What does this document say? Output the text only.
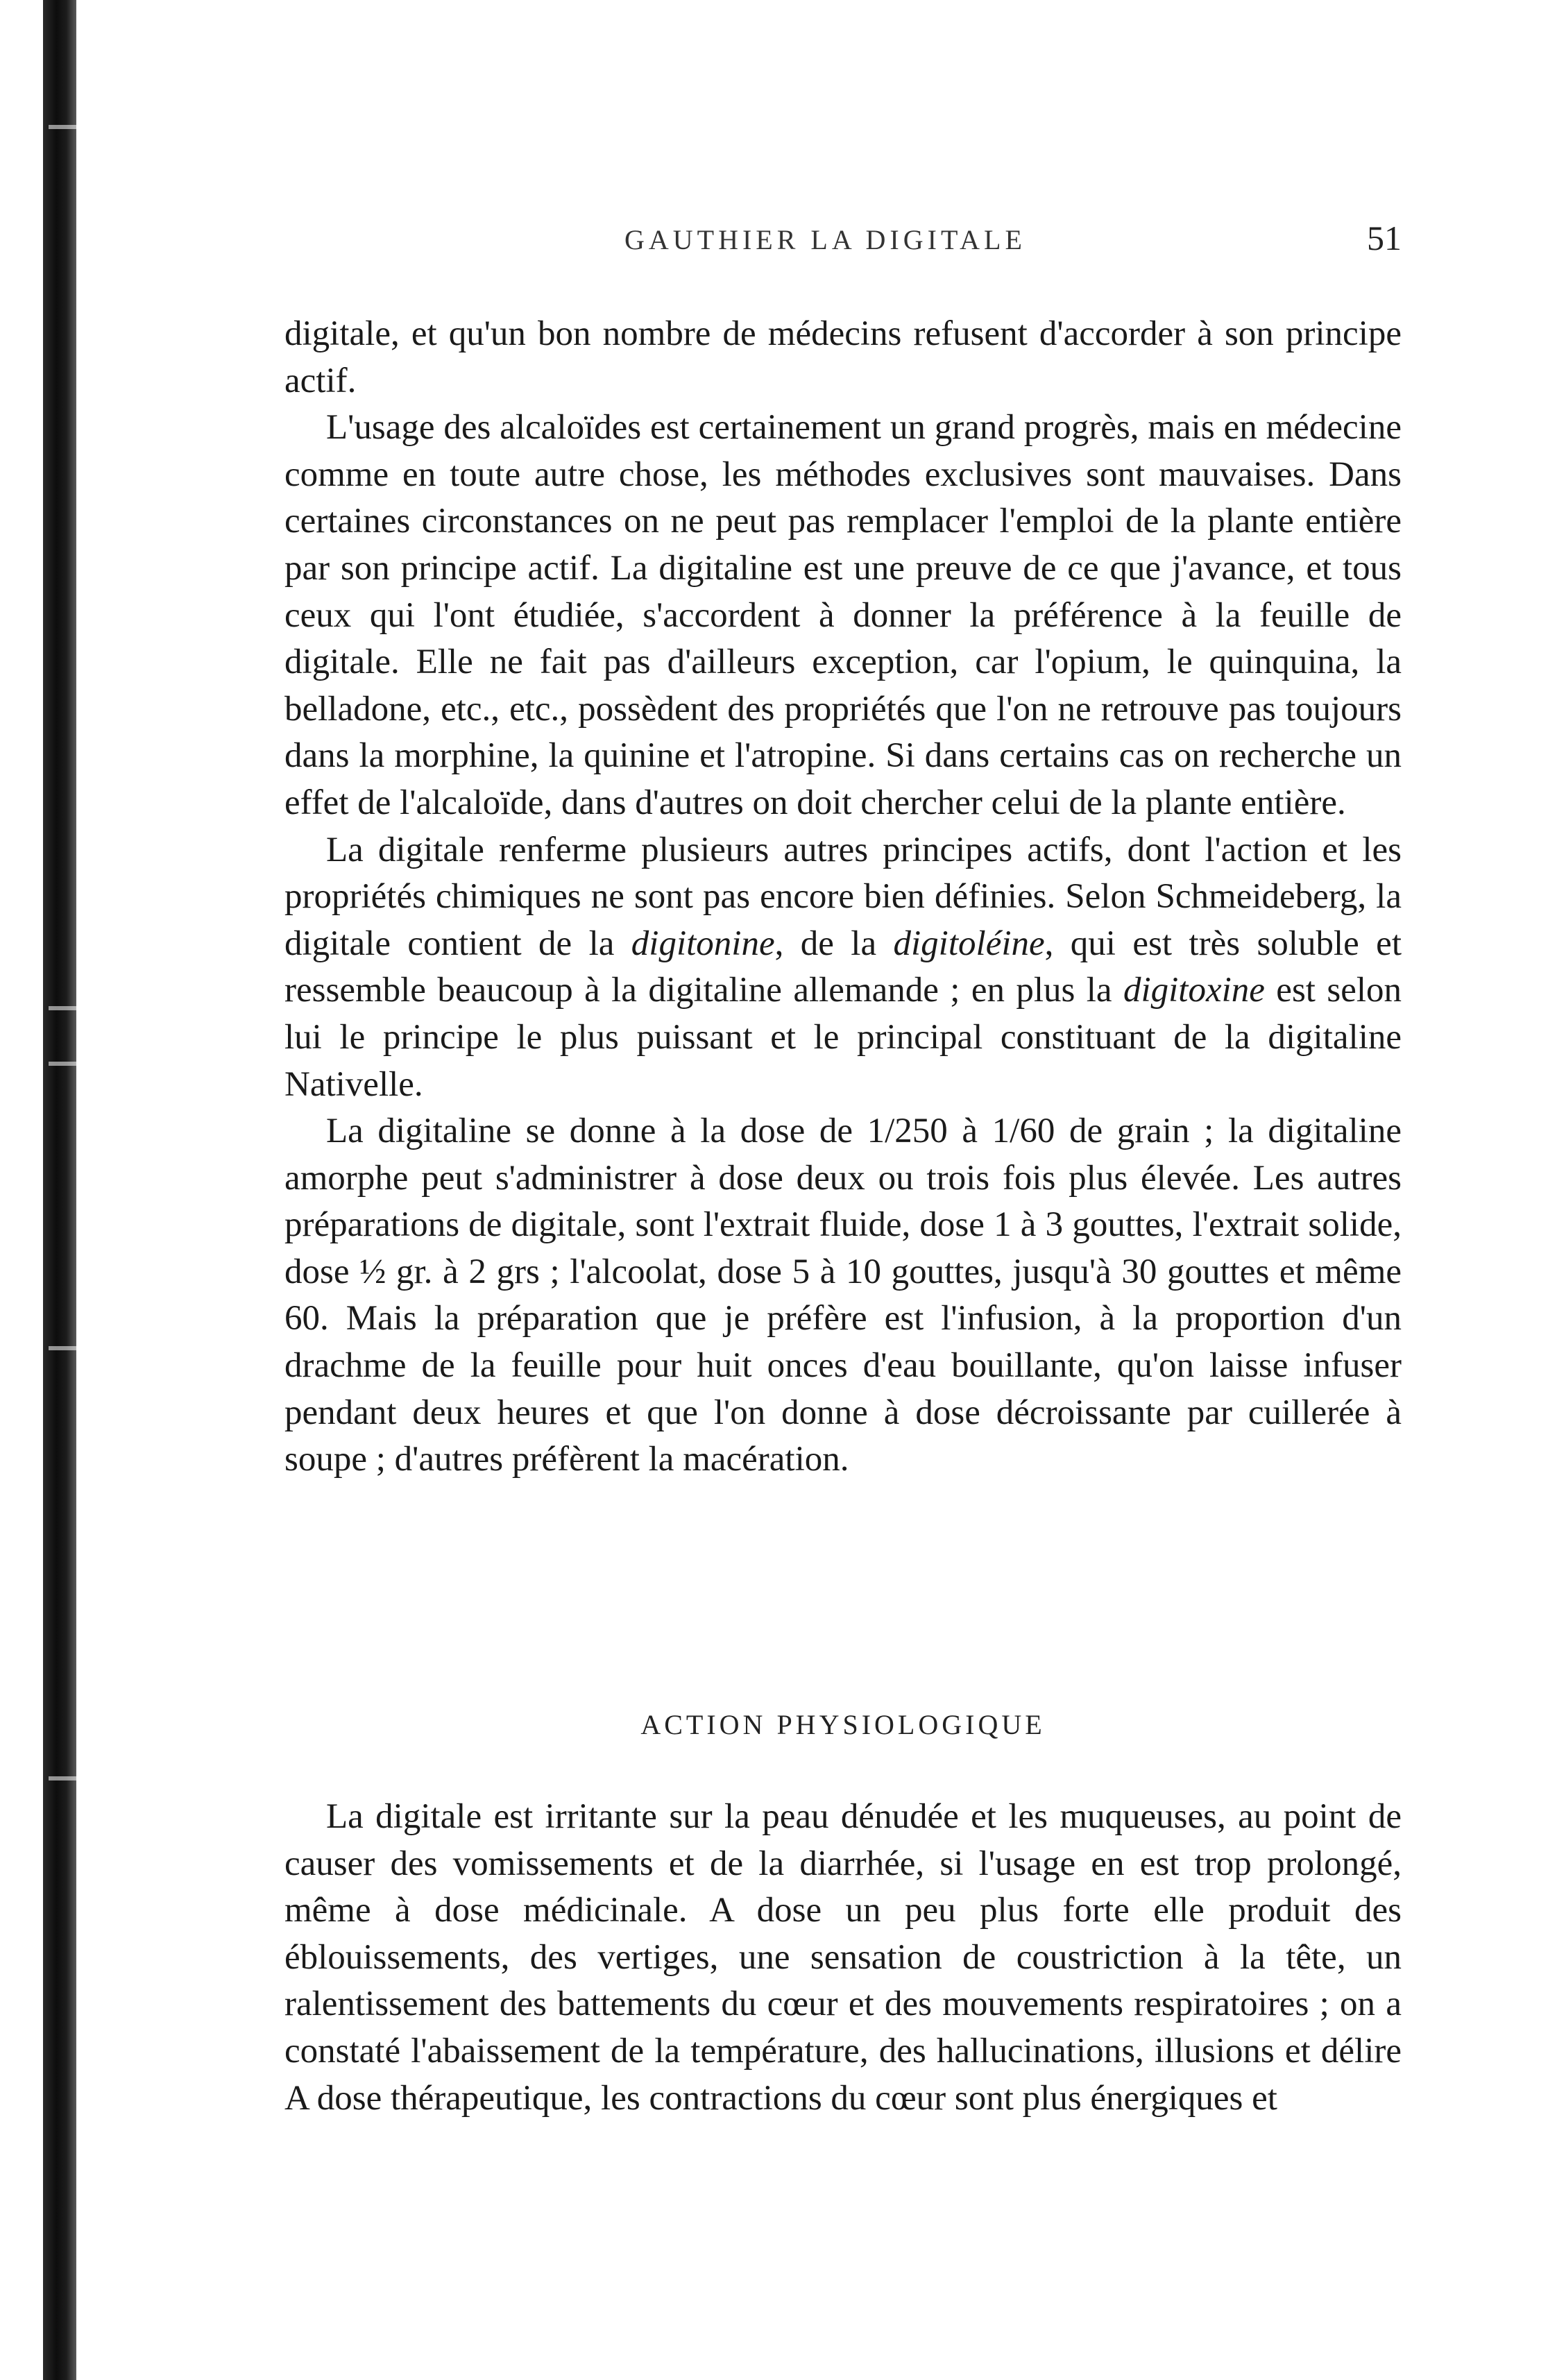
GAUTHIER LA DIGITALE	51

digitale, et qu'un bon nombre de médecins refusent d'accorder à son principe actif.

L'usage des alcaloïdes est certainement un grand progrès, mais en médecine comme en toute autre chose, les méthodes exclusives sont mauvaises. Dans certaines circonstances on ne peut pas remplacer l'emploi de la plante entière par son principe actif. La digitaline est une preuve de ce que j'avance, et tous ceux qui l'ont étudiée, s'accordent à donner la préférence à la feuille de digitale. Elle ne fait pas d'ailleurs exception, car l'opium, le quinquina, la belladone, etc., etc., possèdent des propriétés que l'on ne retrouve pas toujours dans la morphine, la quinine et l'atropine. Si dans certains cas on recherche un effet de l'alcaloïde, dans d'autres on doit chercher celui de la plante entière.

La digitale renferme plusieurs autres principes actifs, dont l'action et les propriétés chimiques ne sont pas encore bien définies. Selon Schmeideberg, la digitale contient de la digitonine, de la digitoléine, qui est très soluble et ressemble beaucoup à la digitaline allemande ; en plus la digitoxine est selon lui le principe le plus puissant et le principal constituant de la digitaline Nativelle.

La digitaline se donne à la dose de 1/250 à 1/60 de grain ; la digitaline amorphe peut s'administrer à dose deux ou trois fois plus élevée. Les autres préparations de digitale, sont l'extrait fluide, dose 1 à 3 gouttes, l'extrait solide, dose ½ gr. à 2 grs ; l'alcoolat, dose 5 à 10 gouttes, jusqu'à 30 gouttes et même 60. Mais la préparation que je préfère est l'infusion, à la proportion d'un drachme de la feuille pour huit onces d'eau bouillante, qu'on laisse infuser pendant deux heures et que l'on donne à dose décroissante par cuillerée à soupe ; d'autres préfèrent la macération.

ACTION PHYSIOLOGIQUE

La digitale est irritante sur la peau dénudée et les muqueuses, au point de causer des vomissements et de la diarrhée, si l'usage en est trop prolongé, même à dose médicinale. A dose un peu plus forte elle produit des éblouissements, des vertiges, une sensation de coustriction à la tête, un ralentissement des battements du cœur et des mouvements respiratoires ; on a constaté l'abaissement de la température, des hallucinations, illusions et délire A dose thérapeutique, les contractions du cœur sont plus énergiques et
